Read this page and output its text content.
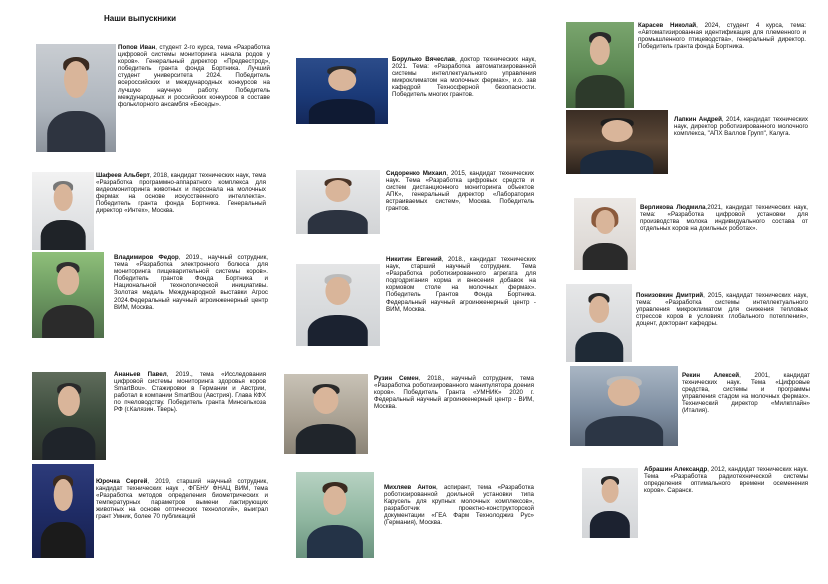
Наши выпускники
Попов Иван, студент 2-го курса, тема «Разработка цифровой системы мониторинга начала родов у коров». Генеральный директор «Предвестрод», победитель гранта фонда Бортника. Лучший студент университета 2024. Победитель всероссийских и международных конкурсов на лучшую научную работу. Победитель международных и российских конкурсов в составе фольклорного ансамбля «Беседы».
Шафеев Альберт, 2018, кандидат технических наук, тема «Разработка программно-аппаратного комплекса для видеомониторинга животных и персонала на молочных фермах на основе искусственного интеллекта». Победитель гранта фонда Бортника. Генеральный директор «Интех», Москва.
Владимиров Федор, 2019., научный сотрудник, тема «Разработка электронного болюса для мониторинга пищеварительной системы коров». Победитель грантов Фонда Бортника и Национальной технологической инициативы. Золотая медаль Международной выставки Агрос 2024.Федеральный научный агроинженерный центр ВИМ, Москва.
Ананьев Павел, 2019., тема «Исследования цифровой системы мониторинга здоровья коров SmartBou». Стажировки в Германии и Австрии, работал в компании SmartBou (Австрия). Глава КФХ по пчеловодству. Победитель гранта Минсельхоза РФ (г.Калязин. Тверь).
Юрочка Сергей, 2019, старший научный сотрудник, кандидат технических наук , ФГБНУ ФНАЦ ВИМ, тема «Разработка методов определения биометрических и температурных параметров вымени лактирующих животных на основе оптических технологий», выиграл грант Умник, более 70 публикаций
Борулько Вячеслав, доктор технических наук, 2021. Тема: «Разработка автоматизированной системы интеллектуального управления микроклиматом на молочных фермах», и.о. зав кафедрой Техносферной безопасности. Победитель многих грантов.
Сидоренко Михаил, 2015, кандидат технических наук. Тема «Разработка цифровых средств и систем дистанционного мониторинга объектов АПК», генеральный директор «Лаборатория встраиваемых систем», Москва. Победитель грантов.
Никитин Евгений, 2018., кандидат технических наук, старший научный сотрудник. Тема «Разработка роботизированного агрегата для подгодригания корма и внесения добавок на кормовом столе на молочных фермах». Победитель Грантов Фонда Бортника. Федеральный научный агроинженерный центр - ВИМ, Москва.
Рузин Семен, 2018., научный сотрудник, тема «Разработка роботизированного манипулятора доения коров». Победитель Гранта «УМНИК» 2020 г. Федеральный научный агроинженерный центр - ВИМ, Москва.
Михляев Антон, аспирант, тема «Разработка роботизированной доильной установки типа Карусель для крупных молочных комплексов», разработчик проектно-конструкторской документации «ГЕА Фарм Технолоджиз Рус» (Германия), Москва.
Карасев Николай, 2024, студент 4 курса, тема: «Автоматизированная идентификация для племенного и промышленного птицеводства», генеральный директор. Победитель гранта фонда Бортника.
Лапкин Андрей, 2014, кандидат технических наук, директор роботизированного молочного комплекса, "АПХ Валлов Групп", Калуга.
Верликова Людмила,2021, кандидат технических наук, тема: «Разработка цифровой установки для производства молока индивидуального состава от отдельных коров на доильных роботах».
Понизовкин Дмитрий, 2015, кандидат технических наук, тема: «Разработка системы интеллектуального управления микроклиматом для снижения тепловых стрессов коров в условиях глобального потепления», доцент, докторант кафедры.
Рекин Алексей, 2001, кандидат технических наук. Тема «Цифровые средства, системы и программы управления стадом на молочных фермах». Технический директор «Милкплайн» (Италия).
Абрашин Александр, 2012, кандидат технических наук. Тема «Разработка радиотехнической системы определения оптимального времени осеменения коров». Саранск.
